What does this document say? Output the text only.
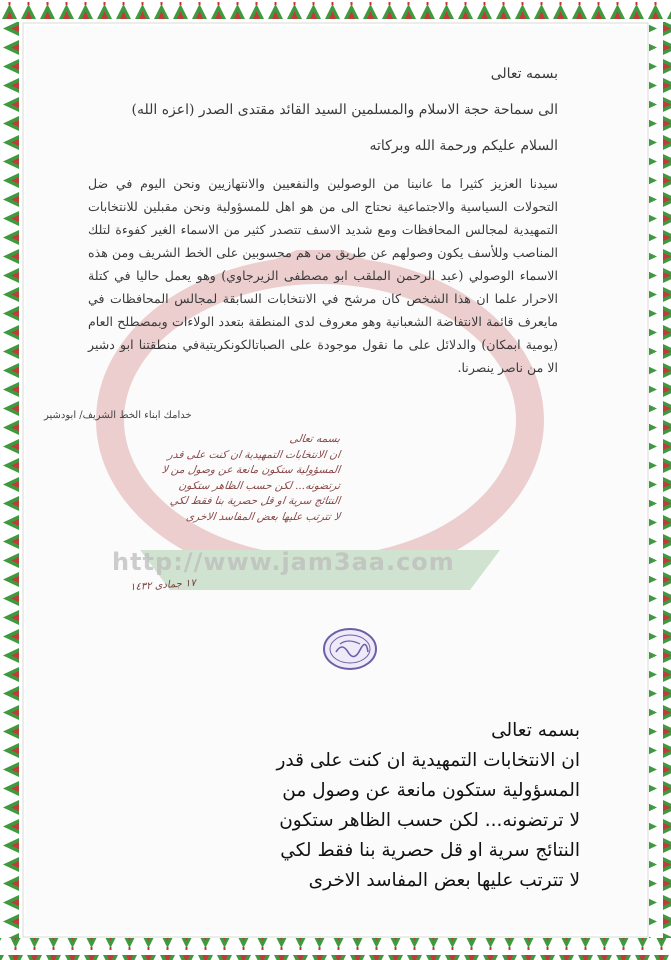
http://www.jam3aa.com
بسمه تعالى
الى سماحة حجة الاسلام والمسلمين السيد القائد مقتدى الصدر (اعزه الله)
السلام عليكم ورحمة الله وبركاته
سيدنا العزيز كثيرا ما عانينا من الوصولين والنفعيين والانتهازيين ونحن اليوم في ضل التحولات السياسية والاجتماعية نحتاج الى من هو اهل للمسؤولية ونحن مقبلين للانتخابات التمهيدية لمجالس المحافظات ومع شديد الاسف تتصدر كثير من الاسماء الغير كفوءة لتلك المناصب وللأسف يكون وصولهم عن طريق من هم محسوبين على الخط الشريف ومن هذه الاسماء الوصولي (عبد الرحمن الملقب ابو مصطفى الزيرجاوي) وهو يعمل حاليا في كتلة الاحرار علما ان هذا الشخص كان مرشح في الانتخابات السابقة لمجالس المحافظات في مايعرف قائمة الانتفاضة الشعبانية وهو معروف لدى المنطقة بتعدد الولاءات وبمصطلح العام (يومية ابمكان) والدلائل على ما نقول موجودة على الصباتالكونكريتيةفي منطقتنا ابو دشير الا من ناصر ينصرنا.
خدامك ابناء الخط الشريف/ ابودشير
بسمه تعالى
ان الانتخابات التمهيدية ان كنت على قدر
المسؤولية ستكون مانعة عن وصول من لا
ترتضونه... لكن حسب الظاهر ستكون
النتائج سرية او قل حصرية بنا فقط لكي
لا تترتب عليها بعض المفاسد الاخرى
١٧ جمادى ١٤٣٢
بسمه تعالى
ان الانتخابات التمهيدية ان كنت على قدر
المسؤولية ستكون مانعة عن وصول من
لا ترتضونه... لكن حسب الظاهر ستكون
النتائج سرية او قل حصرية بنا فقط لكي
لا تترتب عليها بعض المفاسد الاخرى
